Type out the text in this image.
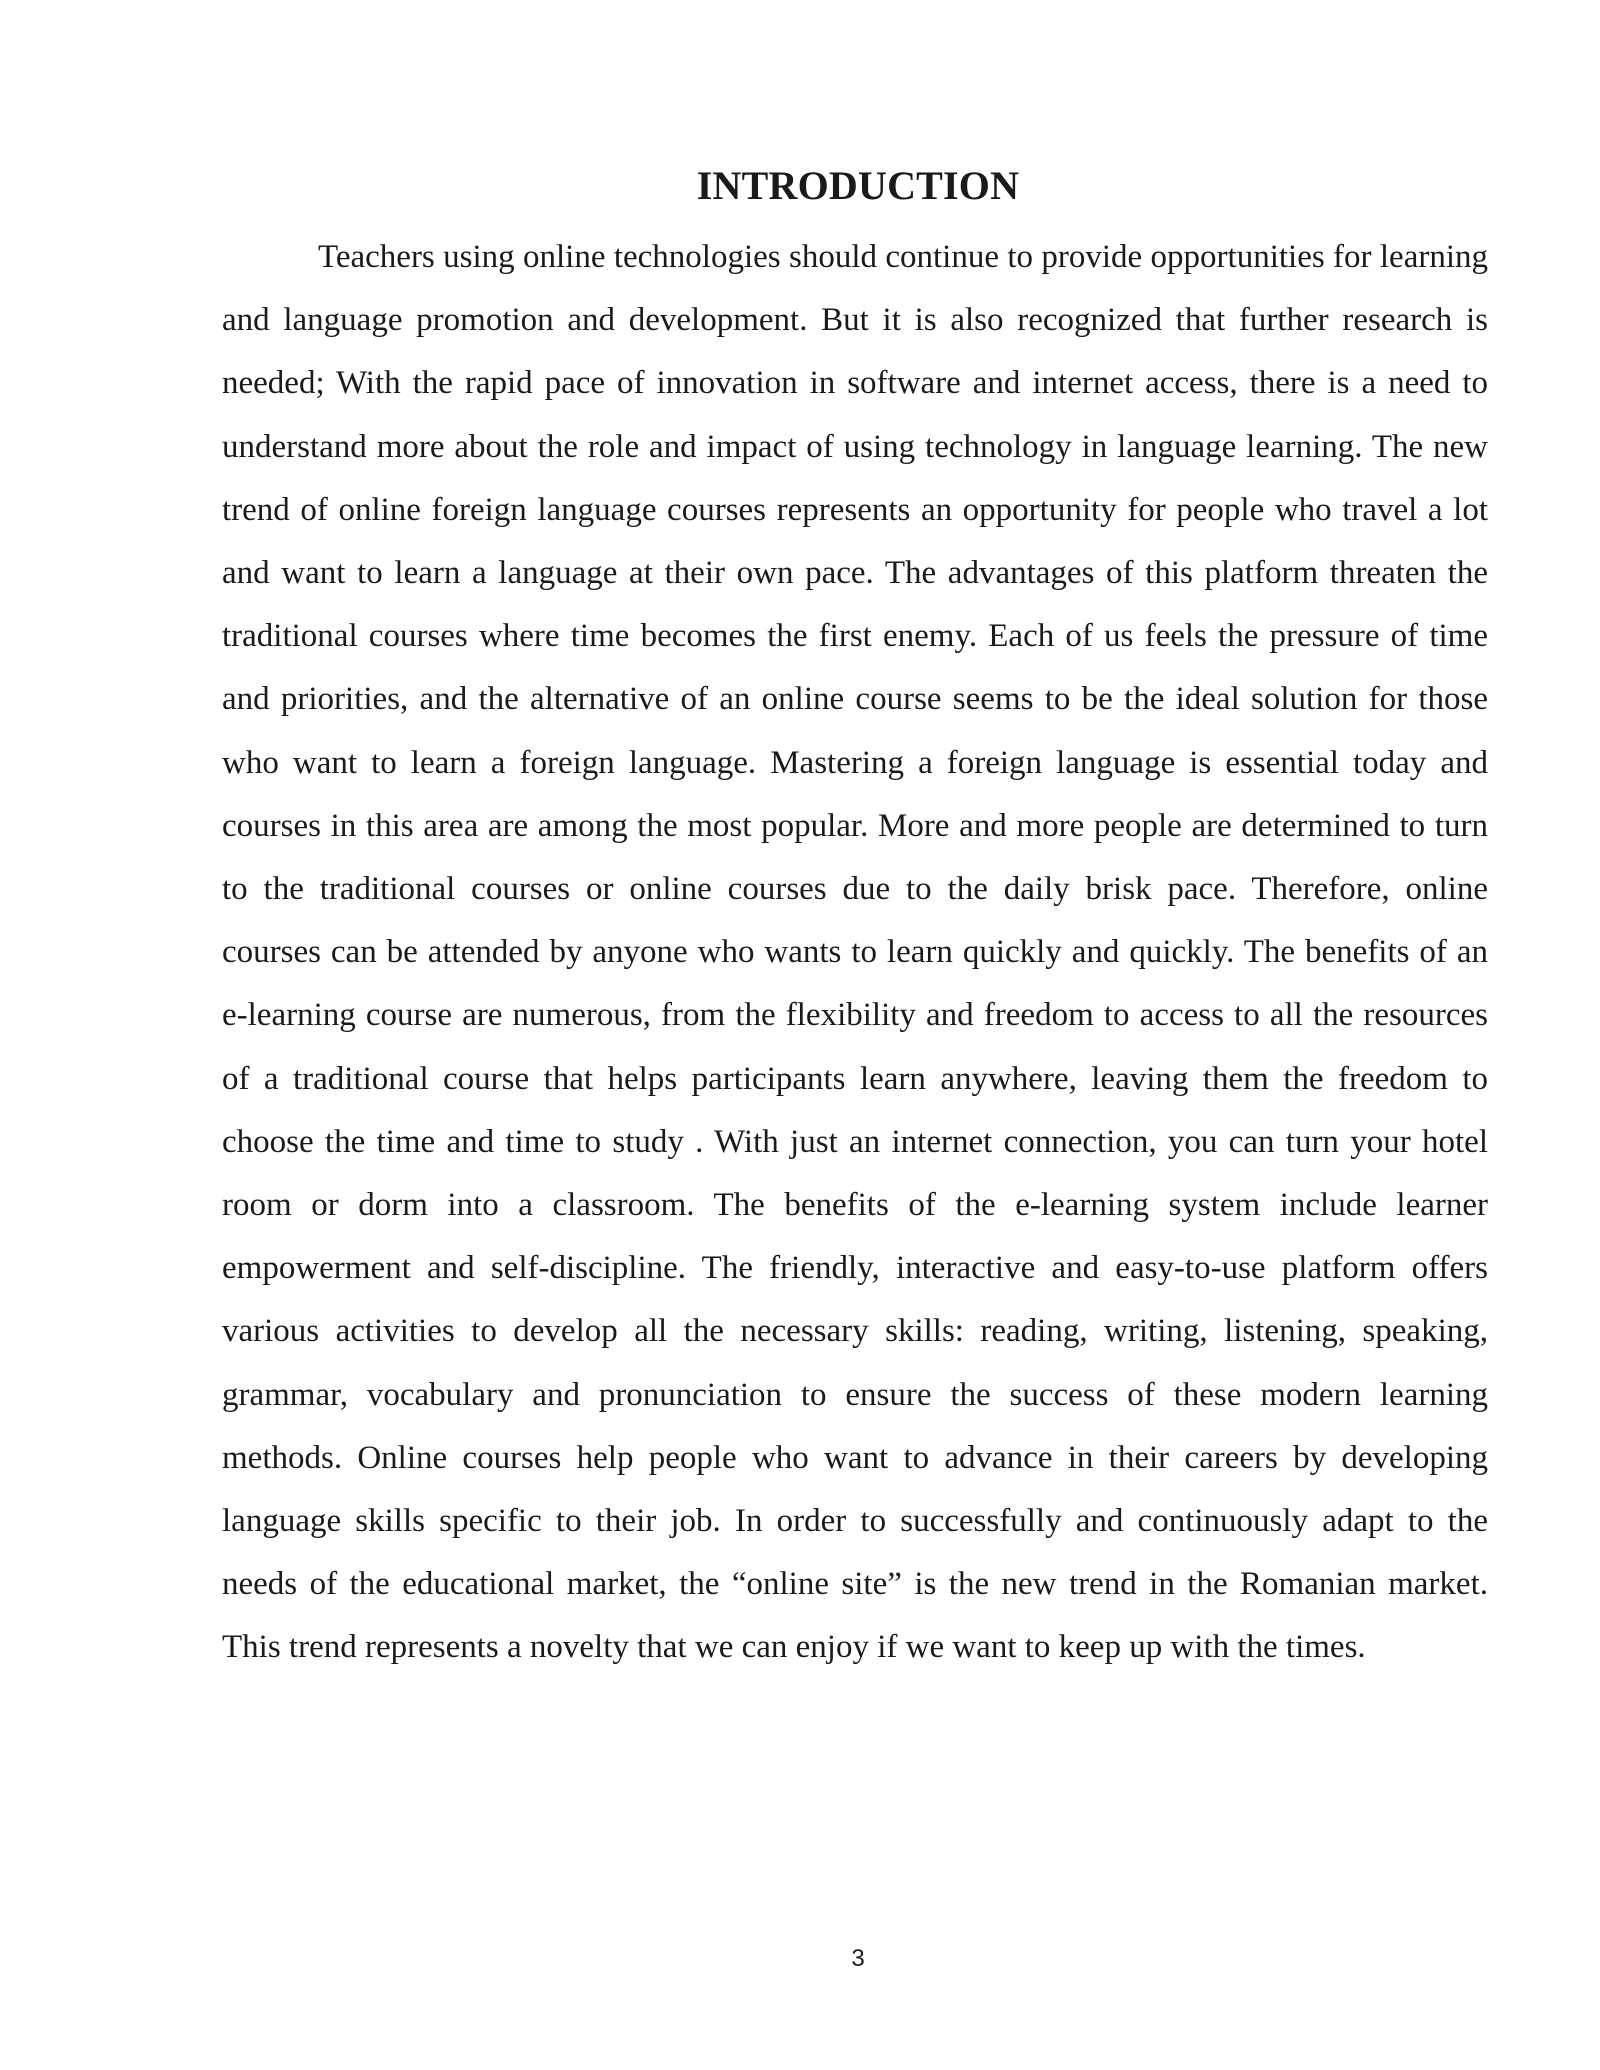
INTRODUCTION

Teachers using online technologies should continue to provide opportunities for learning and language promotion and development. But it is also recognized that further research is needed; With the rapid pace of innovation in software and internet access, there is a need to understand more about the role and impact of using technology in language learning. The new trend of online foreign language courses represents an opportunity for people who travel a lot and want to learn a language at their own pace. The advantages of this platform threaten the traditional courses where time becomes the first enemy. Each of us feels the pressure of time and priorities, and the alternative of an online course seems to be the ideal solution for those who want to learn a foreign language. Mastering a foreign language is essential today and courses in this area are among the most popular. More and more people are determined to turn to the traditional courses or online courses due to the daily brisk pace. Therefore, online courses can be attended by anyone who wants to learn quickly and quickly. The benefits of an e-learning course are numerous, from the flexibility and freedom to access to all the resources of a traditional course that helps participants learn anywhere, leaving them the freedom to choose the time and time to study . With just an internet connection, you can turn your hotel room or dorm into a classroom. The benefits of the e-learning system include learner empowerment and self-discipline. The friendly, interactive and easy-to-use platform offers various activities to develop all the necessary skills: reading, writing, listening, speaking, grammar, vocabulary and pronunciation to ensure the success of these modern learning methods. Online courses help people who want to advance in their careers by developing language skills specific to their job. In order to successfully and continuously adapt to the needs of the educational market, the “online site” is the new trend in the Romanian market. This trend represents a novelty that we can enjoy if we want to keep up with the times.

3
